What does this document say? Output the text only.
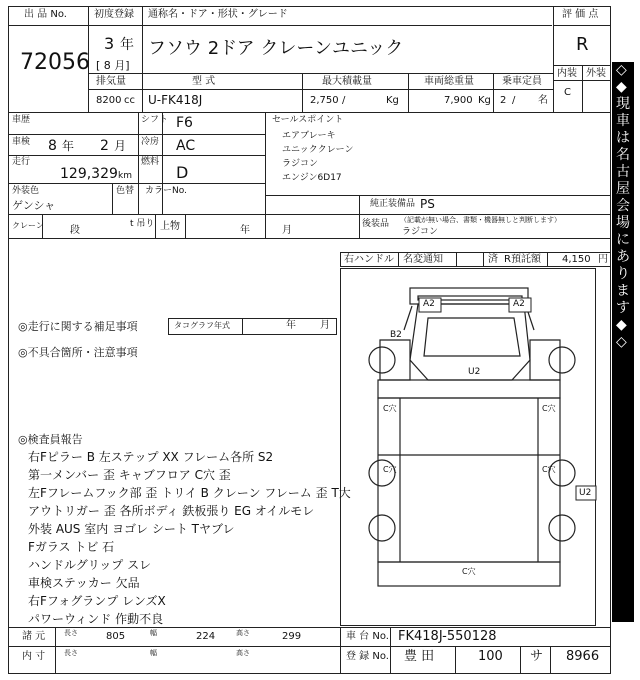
出 品 No.
72056
初度登録
3 年
[ 8 月]
通称名・ドア・形状・グレード
フソウ 2ドア クレーンユニック
評 価 点
R
内装 外装
C
排気量
8200 cc
型 式
U-FK418J
最大積載量
2,750 /	Kg
車両総重量
7,900 Kg
乗車定員
2 / 名
車歴	シフト F6
車検 8 年 2 月 冷房 AC
走行
129,329 km
燃料
D
外装色
ゲンシャ
色替 カラーNo.
クレーン	段
t 吊り 上物	年	月
セールスポイント
エアブレーキ
ユニッククレーン
ラジコン
エンジン6D17
純正装備品 PS
後装品 （記載が無い場合、書類・機器無しと判断します）
ラジコン
右ハンドル 名変通知	済 R預託額 4,150 円
◎走行に関する補足事項	タコグラフ年式	年 月
◎不具合箇所・注意事項
◎検査員報告
右Fピラー B 左ステップ XX フレーム各所 S2
第一メンバー 歪 キャブフロア C穴 歪
左Fフレームフック部 歪 トリイ B クレーン フレーム 歪 T大
アウトリガー 歪 各所ボディ 鉄板張り EG オイルモレ
外装 AUS 室内 ヨゴレ シート Tヤブレ
Fガラス トビ 石
ハンドルグリップ スレ
車検ステッカー 欠品
右Fフォグランプ レンズX
パワーウィンド 作動不良
A2	A2
B2
U2
C穴	C穴
C穴	C穴
U2
C穴
諸 元	長さ	805	幅	224	高さ	299
内 寸	長さ	幅	高さ
車 台 No. FK418J-550128
登 録 No. 豊 田	100 サ 8966
◇
◆
現
車
は
名
古
屋
会
場
に
あ
り
ま
す
◆
◇
